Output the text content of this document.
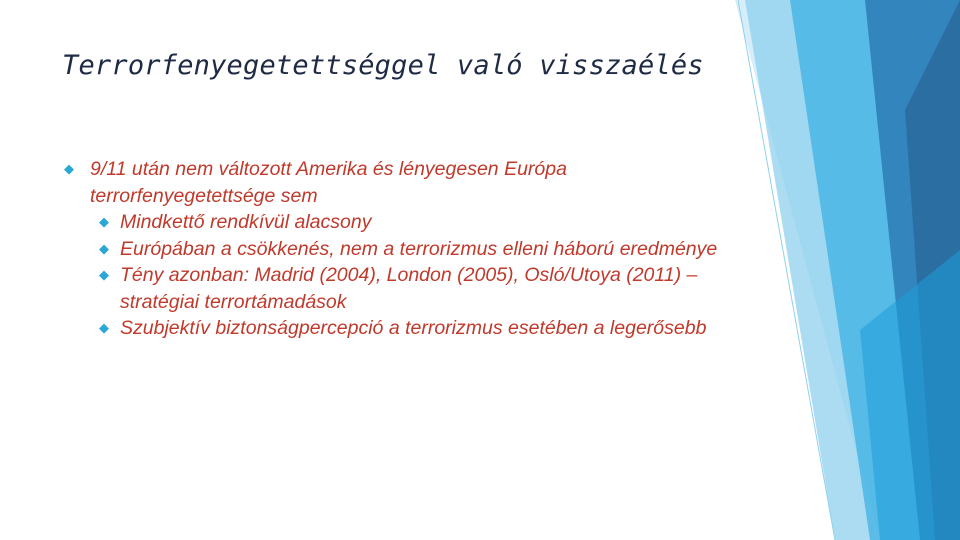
Terrorfenyegetettséggel való visszaélés

◆ 9/11 után nem változott Amerika és lényegesen Európa terrorfenyegetettsége sem

◆ Mindkettő rendkívül alacsony

◆ Európában a csökkenés, nem a terrorizmus elleni háború eredménye

◆ Tény azonban: Madrid (2004), London (2005), Osló/Utoya (2011) – stratégiai terrortámadások

◆ Szubjektív biztonságpercepció a terrorizmus esetében a legerősebb
